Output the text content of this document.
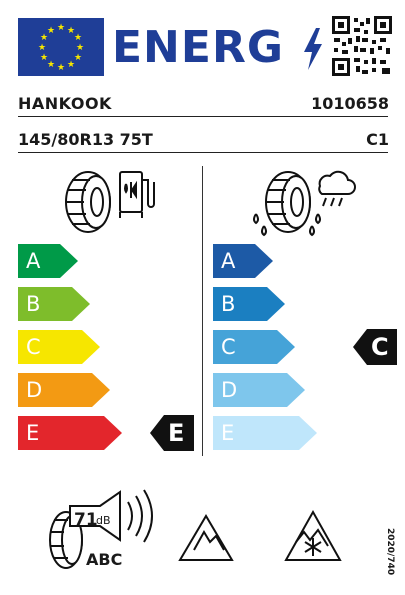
★ ★
★
★
★
★
★
★
★
★
★
★ ENERG
HANKOOK	1010658
145/80R13 75T	C1
A
B
C
D
E	E
A
B
C
D
E
C
71
dB
ABC	2020/740
